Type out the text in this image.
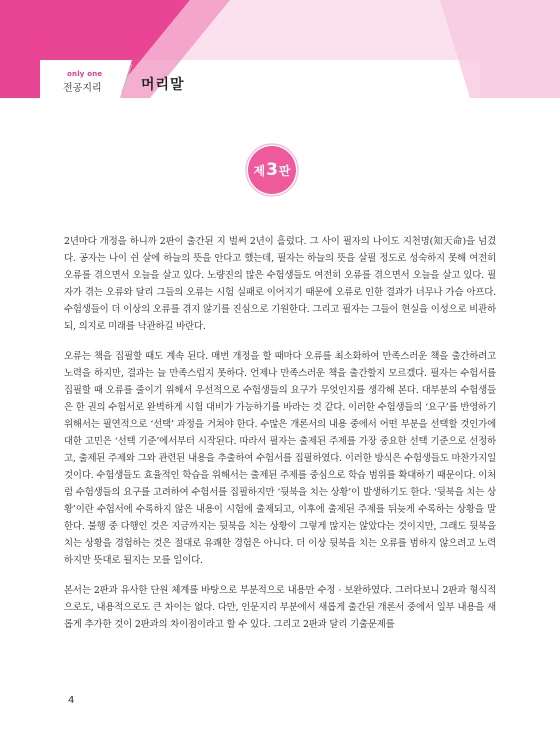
only one
전공지리	머리말
제 3 판

2년마다 개정을 하니까 2판이 출간된 지 벌써 2년이 흘렀다. 그 사이 필자의 나이도 지천명(知天命)을 넘겼다. 공자는 나이 쉰 살에 하늘의 뜻을 안다고 했는데, 필자는 하늘의 뜻을 살필 정도로 성숙하지 못해 여전히 오류를 겪으면서 오늘을 살고 있다. 노량진의 많은 수험생들도 여전히 오류를 겪으면서 오늘을 살고 있다. 필자가 겪는 오류와 달리 그들의 오류는 시험 실패로 이어지기 때문에 오류로 인한 결과가 너무나 가슴 아프다. 수험생들이 더 이상의 오류를 겪지 않기를 진심으로 기원한다. 그리고 필자는 그들이 현실을 이성으로 비관하되, 의지로 미래를 낙관하길 바란다.

오류는 책을 집필할 때도 계속 된다. 매번 개정을 할 때마다 오류를 최소화하여 만족스러운 책을 출간하려고 노력을 하지만, 결과는 늘 만족스럽지 못하다. 언제나 만족스러운 책을 출간할지 모르겠다. 필자는 수험서를 집필할 때 오류를 줄이기 위해서 우선적으로 수험생들의 요구가 무엇인지를 생각해 본다. 대부분의 수험생들은 한 권의 수험서로 완벽하게 시험 대비가 가능하기를 바라는 것 같다. 이러한 수험생들의 ‘요구’를 반영하기 위해서는 필연적으로 ‘선택’ 과정을 거쳐야 한다. 수많은 개론서의 내용 중에서 어떤 부분을 선택할 것인가에 대한 고민은 ‘선택 기준’에서부터 시작된다. 따라서 필자는 출제된 주제를 가장 중요한 선택 기준으로 선정하고, 출제된 주제와 그와 관련된 내용을 추출하여 수험서를 집필하였다. 이러한 방식은 수험생들도 마찬가지일 것이다. 수험생들도 효율적인 학습을 위해서는 출제된 주제를 중심으로 학습 범위를 확대하기 때문이다. 이처럼 수험생들의 요구를 고려하여 수험서를 집필하지만 ‘뒷북을 치는 상황’이 발생하기도 한다. ‘뒷북을 치는 상황’이란 수험서에 수록하지 않은 내용이 시험에 출제되고, 이후에 출제된 주제를 뒤늦게 수록하는 상황을 말한다. 불행 중 다행인 것은 지금까지는 뒷북을 치는 상황이 그렇게 많지는 않았다는 것이지만, 그래도 뒷북을 치는 상황을 경험하는 것은 절대로 유쾌한 경험은 아니다. 더 이상 뒷북을 치는 오류를 범하지 않으려고 노력하지만 뜻대로 될지는 모를 일이다.

본서는 2판과 유사한 단원 체계를 바탕으로 부분적으로 내용만 수정 · 보완하였다. 그러다보니 2판과 형식적으로도, 내용적으로도 큰 차이는 없다. 다만, 인문지리 부분에서 새롭게 출간된 개론서 중에서 일부 내용을 새롭게 추가한 것이 2판과의 차이점이라고 할 수 있다. 그리고 2판과 달리 기출문제를

4
